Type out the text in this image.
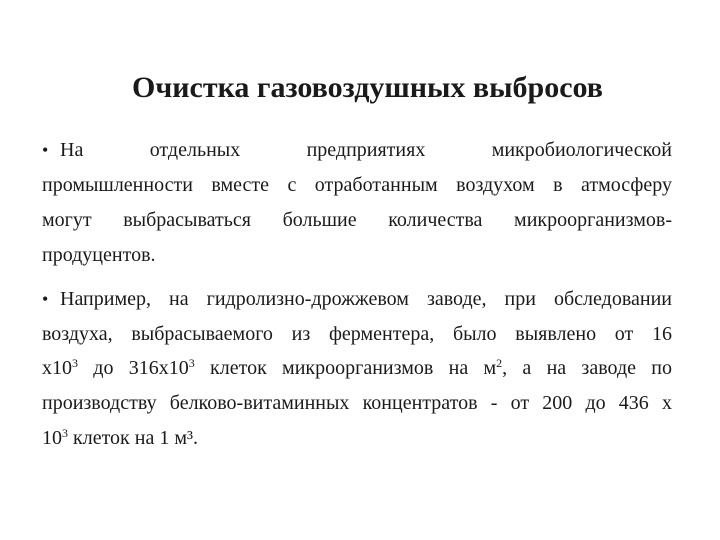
Очистка газовоздушных выбросов
• На отдельных предприятиях микробиологической
промышленности вместе с отработанным воздухом в атмосферу
могут выбрасываться большие количества микроорганизмов-
продуцентов.
• Например, на гидролизно-дрожжевом заводе, при обследовании
воздуха, выбрасываемого из ферментера, было выявлено от 16
$х10^3$ до $316х10^3$ клеток микроорганизмов на $м^2$, а на заводе по
производству белково-витаминных концентратов - от 200 до 436 х
$10^3$ клеток на 1 м³.
